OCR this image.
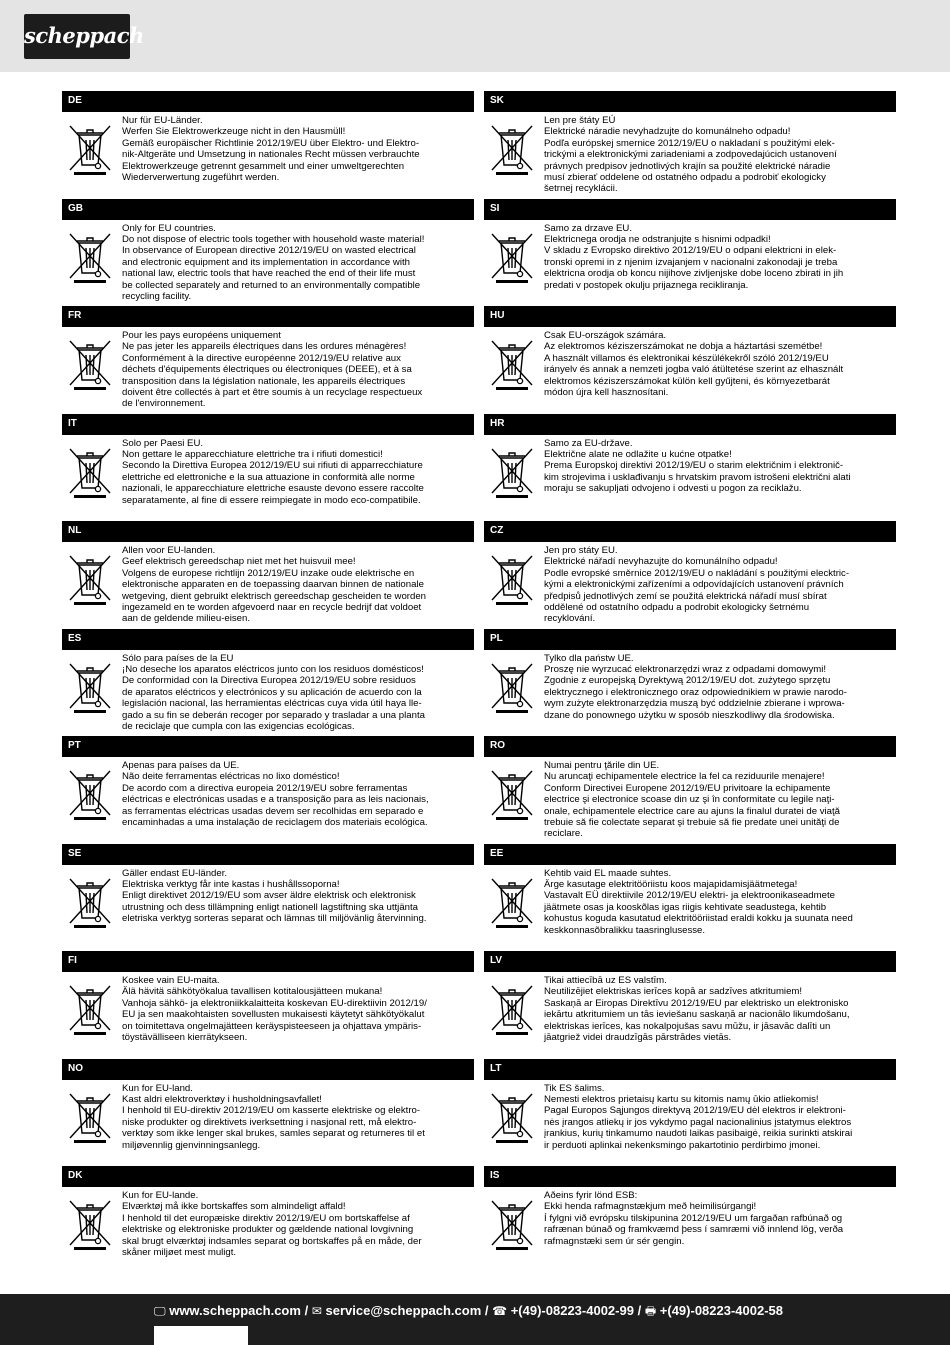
scheppach
DE
Nur für EU-Länder.
Werfen Sie Elektrowerkzeuge nicht in den Hausmüll!
Gemäß europäischer Richtlinie 2012/19/EU über Elektro- und Elektro-
nik-Altgeräte und Umsetzung in nationales Recht müssen verbrauchte
Elektrowerkzeuge getrennt gesammelt und einer umweltgerechten
Wiederverwertung zugeführt werden.
GB
Only for EU countries.
Do not dispose of electric tools together with household waste material!
In observance of European directive 2012/19/EU on wasted electrical
and electronic equipment and its implementation in accordance with
national law, electric tools that have reached the end of their life must
be collected separately and returned to an environmentally compatible
recycling facility.
FR
Pour les pays européens uniquement
Ne pas jeter les appareils électriques dans les ordures ménagères!
Conformément à la directive européenne 2012/19/EU relative aux
déchets d'équipements électriques ou électroniques (DEEE), et à sa
transposition dans la législation nationale, les appareils électriques
doivent être collectés à part et être soumis à un recyclage respectueux
de l'environnement.
IT
Solo per Paesi EU.
Non gettare le apparecchiature elettriche tra i rifiuti domestici!
Secondo la Direttiva Europea 2012/19/EU sui rifiuti di apparrecchiature
elettriche ed elettroniche e la sua attuazione in conformità alle norme
nazionali, le apparecchiature elettriche esauste devono essere raccolte
separatamente, al fine di essere reimpiegate in modo eco-compatibile.
NL
Allen voor EU-landen.
Geef elektrisch gereedschap niet met het huisvuil mee!
Volgens de europese richtlijn 2012/19/EU inzake oude elektrische en
elektronische apparaten en de toepassing daarvan binnen de nationale
wetgeving, dient gebruikt elektrisch gereedschap gescheiden te worden
ingezameld en te worden afgevoerd naar en recycle bedrijf dat voldoet
aan de geldende milieu-eisen.
ES
Sólo para países de la EU
¡No deseche los aparatos eléctricos junto con los residuos domésticos!
De conformidad con la Directiva Europea 2012/19/EU sobre residuos
de aparatos eléctricos y electrónicos y su aplicación de acuerdo con la
legislación nacional, las herramientas eléctricas cuya vida útil haya lle-
gado a su fin se deberán recoger por separado y trasladar a una planta
de reciclaje que cumpla con las exigencias ecológicas.
PT
Apenas para países da UE.
Não deite ferramentas eléctricas no lixo doméstico!
De acordo com a directiva europeia 2012/19/EU sobre ferramentas
eléctricas e electrónicas usadas e a transposição para as leis nacionais,
as ferramentas eléctricas usadas devem ser recolhidas em separado e
encaminhadas a uma instalação de reciclagem dos materiais ecológica.
SE
Gäller endast EU-länder.
Elektriska verktyg får inte kastas i hushållssoporna!
Enligt direktivet 2012/19/EU som avser äldre elektrisk och elektronisk
utrustning och dess tillämpning enligt nationell lagstiftning ska uttjänta
eletriska verktyg sorteras separat och lämnas till miljövänlig återvinning.
FI
Koskee vain EU-maita.
Älä hävitä sähkötyökalua tavallisen kotitalousjätteen mukana!
Vanhoja sähkö- ja elektroniikkalaitteita koskevan EU-direktiivin 2012/19/
EU ja sen maakohtaisten sovellusten mukaisesti käytetyt sähkötyökalut
on toimitettava ongelmajätteen keräyspisteeseen ja ohjattava ympäris-
töystävälliseen kierrätykseen.
NO
Kun for EU-land.
Kast aldri elektroverktøy i husholdningsavfallet!
I henhold til EU-direktiv 2012/19/EU om kasserte elektriske og elektro-
niske produkter og direktivets iverksettning i nasjonal rett, må elektro-
verktøy som ikke lenger skal brukes, samles separat og returneres til et
miljøvennlig gjenvinningsanlegg.
DK
Kun for EU-lande.
Elværktøj må ikke bortskaffes som almindeligt affald!
I henhold til det europæiske direktiv 2012/19/EU om bortskaffelse af
elektriske og elektroniske produkter og gældende national lovgivning
skal brugt elværktøj indsamles separat og bortskaffes på en måde, der
skåner miljøet mest muligt.
SK
Len pre štáty EÚ
Elektrické náradie nevyhadzujte do komunálneho odpadu!
Podľa európskej smernice 2012/19/EU o nakladaní s použitými elek-
trickými a elektronickými zariadeniami a zodpovedajúcich ustanovení
právnych predpisov jednotlivých krajín sa použité elektrické náradie
musí zbierať oddelene od ostatného odpadu a podrobiť ekologicky
šetrnej recyklácii.
SI
Samo za drzave EU.
Elektricnega orodja ne odstranjujte s hisnimi odpadki!
V skladu z Evropsko direktivo 2012/19/EU o odpani elektricni in elek-
tronski opremi in z njenim izvajanjem v nacionalni zakonodaji je treba
elektricna orodja ob koncu nijihove zivljenjske dobe loceno zbirati in jih
predati v postopek okulju prijaznega recikliranja.
HU
Csak EU-országok számára.
Az elektromos kéziszerszámokat ne dobja a háztartási szemétbe!
A használt villamos és elektronikai készülékekről szóló 2012/19/EU
irányelv és annak a nemzeti jogba való átültetése szerint az elhasznált
elektromos kéziszerszámokat külön kell gyűjteni, és környezetbarát
módon újra kell hasznosítani.
HR
Samo za EU-države.
Električne alate ne odlažite u kućne otpatke!
Prema Europskoj direktivi 2012/19/EU o starim električnim i elektronič-
kim strojevima i usklađivanju s hrvatskim pravom istrošeni električni alati
moraju se sakupljati odvojeno i odvesti u pogon za reciklažu.
CZ
Jen pro státy EU.
Elektrické nářadí nevyhazujte do komunálního odpadu!
Podle evropské směrnice 2012/19/EU o nakládání s použitými elecktric-
kými a elektronickými zařízeními a odpovídajících ustanovení právních
předpisů jednotlivých zemí se použitá elektrická nářadí musí sbírat
oddělené od ostatního odpadu a podrobit ekologicky šetrnému
recyklování.
PL
Tylko dla państw UE.
Proszę nie wyrzucać elektronarzędzi wraz z odpadami domowymi!
Zgodnie z europejską Dyrektywą 2012/19/EU dot. zużytego sprzętu
elektrycznego i elektronicznego oraz odpowiednikiem w prawie narodo-
wym zużyte elektronarzędzia muszą być oddzielnie zbierane i wprowa-
dzane do ponownego użytku w sposób nieszkodliwy dla środowiska.
RO
Numai pentru ţările din UE.
Nu aruncaţi echipamentele electrice la fel ca reziduurile menajere!
Conform Directivei Europene 2012/19/EU privitoare la echipamente
electrice şi electronice scoase din uz şi în conformitate cu legile naţi-
onale, echipamentele electrice care au ajuns la finalul duratei de viaţă
trebuie să fie colectate separat şi trebuie să fie predate unei unităţi de
reciclare.
EE
Kehtib vaid EL maade suhtes.
Ärge kasutage elektritööriistu koos majapidamisjäätmetega!
Vastavalt EÜ direktiivile 2012/19/EU elektri- ja elektroonikaseadmete
jäätmete osas ja kooskõlas igas riigis kehtivate seadustega, kehtib
kohustus koguda kasutatud elektritööriistad eraldi kokku ja suunata need
keskkonnasõbralikku taasringlusesse.
LV
Tikai attiecībā uz ES valstīm.
Neutilizējiet elektriskas ierīces kopā ar sadzīves atkritumiem!
Saskaņā ar Eiropas Direktīvu 2012/19/EU par elektrisko un elektronisko
iekārtu atkritumiem un tās ieviešanu saskaņā ar nacionālo likumdošanu,
elektriskas ierīces, kas nokalpojušas savu mūžu, ir jāsavāc dalīti un
jāatgriež videi draudzīgās pārstrādes vietās.
LT
Tik ES šalims.
Nemesti elektros prietaisų kartu su kitomis namų ūkio atliekomis!
Pagal Europos Sąjungos direktyvą 2012/19/EU dėl elektros ir elektroni-
nės įrangos atliekų ir jos vykdymo pagal nacionalinius įstatymus elektros
įrankius, kurių tinkamumo naudoti laikas pasibaigė, reikia surinkti atskirai
ir perduoti aplinkai nekenksmingo pakartotinio perdirbimo įmonei.
IS
Aðeins fyrir lönd ESB:
Ekki henda rafmagnstækjum með heimilisúrgangi!
Í fylgni við evrópsku tilskipunina 2012/19/EU um fargaðan rafbúnað og
rafrænan búnað og framkvæmd þess í samræmi við innlend lög, verða
rafmagnstæki sem úr sér gengin.
🖵 www.scheppach.com / ✉ service@scheppach.com / ☎ +(49)-08223-4002-99 / 🖶 +(49)-08223-4002-58
